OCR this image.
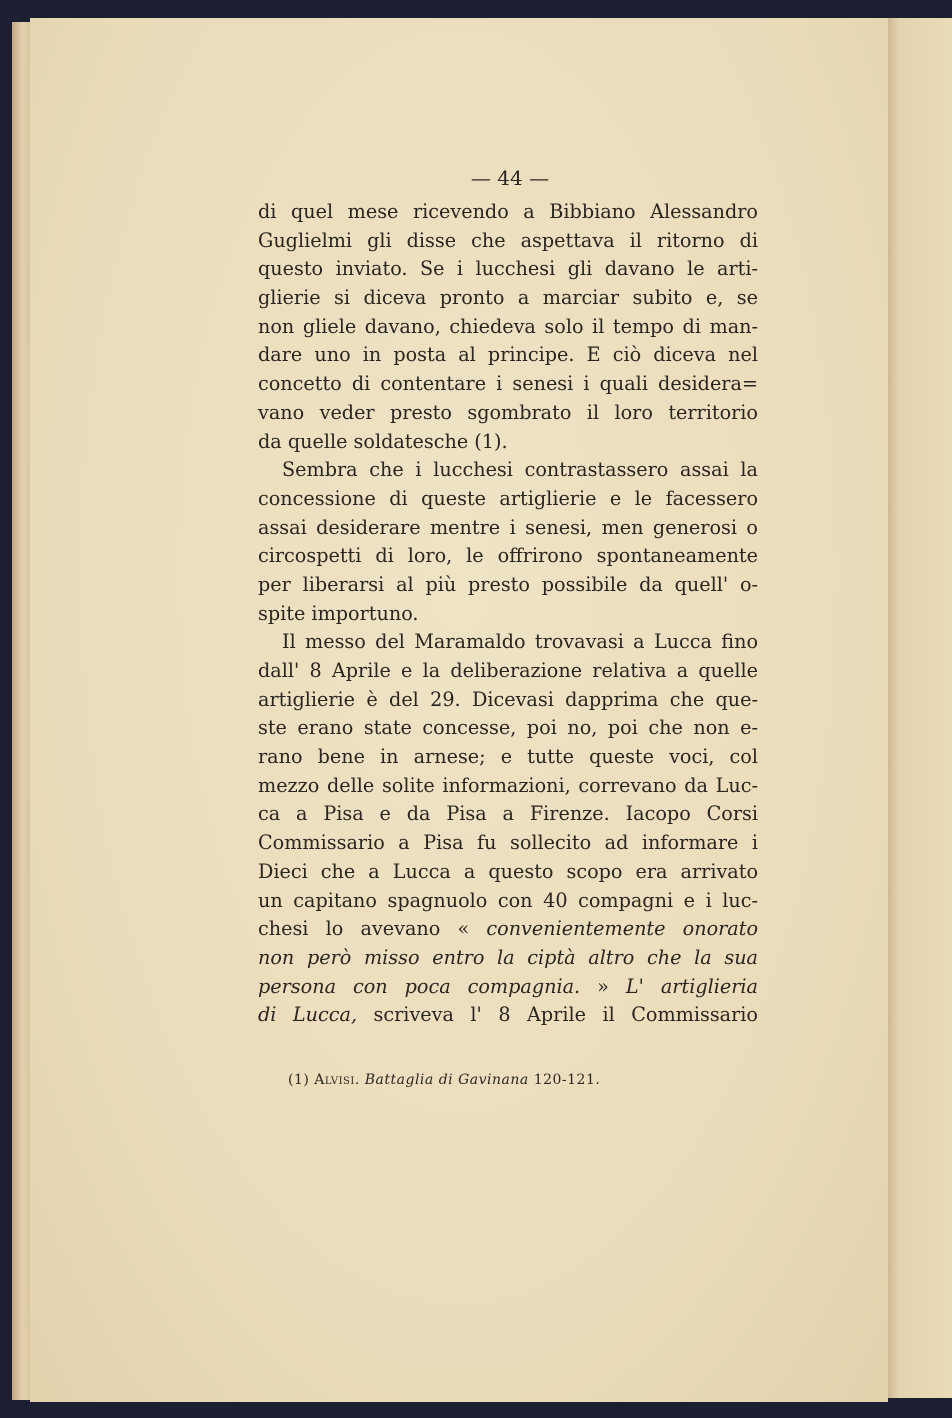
— 44 —
di quel mese ricevendo a Bibbiano Alessandro
Guglielmi gli disse che aspettava il ritorno di
questo inviato. Se i lucchesi gli davano le arti-
glierie si diceva pronto a marciar subito e, se
non gliele davano, chiedeva solo il tempo di man-
dare uno in posta al principe. E ciò diceva nel
concetto di contentare i senesi i quali desidera=
vano veder presto sgombrato il loro territorio
da quelle soldatesche (1).
Sembra che i lucchesi contrastassero assai la
concessione di queste artiglierie e le facessero
assai desiderare mentre i senesi, men generosi o
circospetti di loro, le offrirono spontaneamente
per liberarsi al più presto possibile da quell' o-
spite importuno.
Il messo del Maramaldo trovavasi a Lucca fino
dall' 8 Aprile e la deliberazione relativa a quelle
artiglierie è del 29. Dicevasi dapprima che que-
ste erano state concesse, poi no, poi che non e-
rano bene in arnese; e tutte queste voci, col
mezzo delle solite informazioni, correvano da Luc-
ca a Pisa e da Pisa a Firenze. Iacopo Corsi
Commissario a Pisa fu sollecito ad informare i
Dieci che a Lucca a questo scopo era arrivato
un capitano spagnuolo con 40 compagni e i luc-
chesi lo avevano « convenientemente onorato
non però misso entro la ciptà altro che la sua
persona con poca compagnia. » L' artiglieria
di Lucca, scriveva l' 8 Aprile il Commissario
(1) Alvisi. Battaglia di Gavinana 120-121.
